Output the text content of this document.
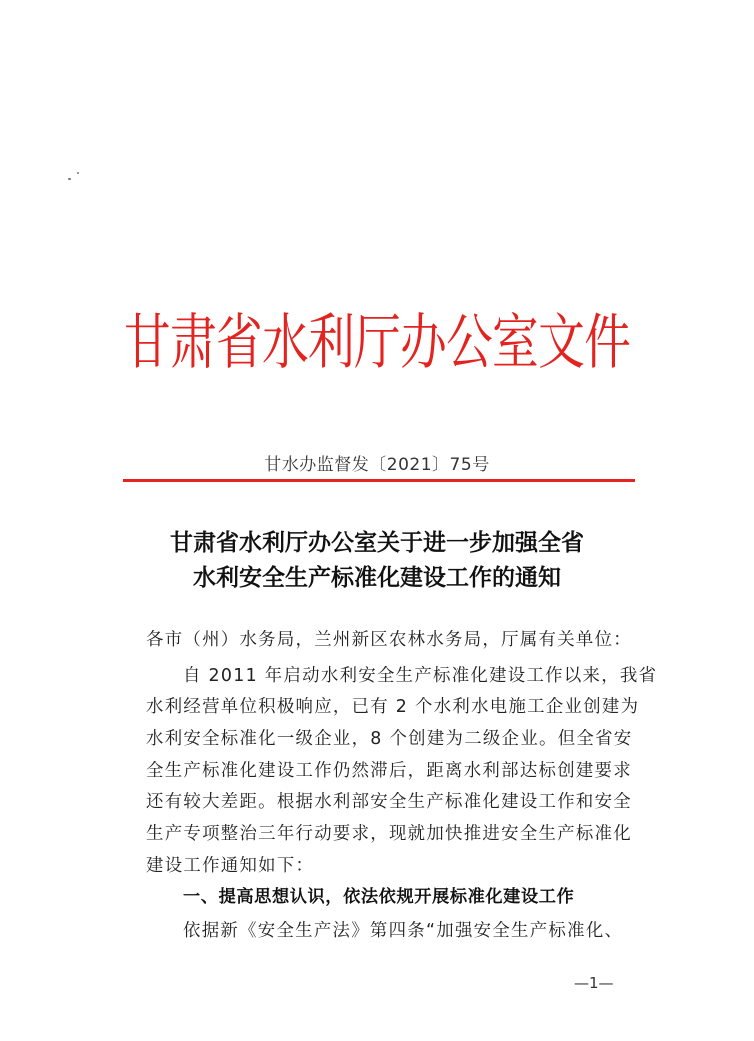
甘肃省水利厅办公室文件
甘水办监督发〔2021〕75号
甘肃省水利厅办公室关于进一步加强全省
水利安全生产标准化建设工作的通知
各市（州）水务局，兰州新区农林水务局，厅属有关单位：
自 2011 年启动水利安全生产标准化建设工作以来，我省
水利经营单位积极响应，已有 2 个水利水电施工企业创建为
水利安全标准化一级企业，8 个创建为二级企业。但全省安
全生产标准化建设工作仍然滞后，距离水利部达标创建要求
还有较大差距。根据水利部安全生产标准化建设工作和安全
生产专项整治三年行动要求，现就加快推进安全生产标准化
建设工作通知如下：
一、提高思想认识，依法依规开展标准化建设工作
依据新《安全生产法》第四条“加强安全生产标准化、
—1—
